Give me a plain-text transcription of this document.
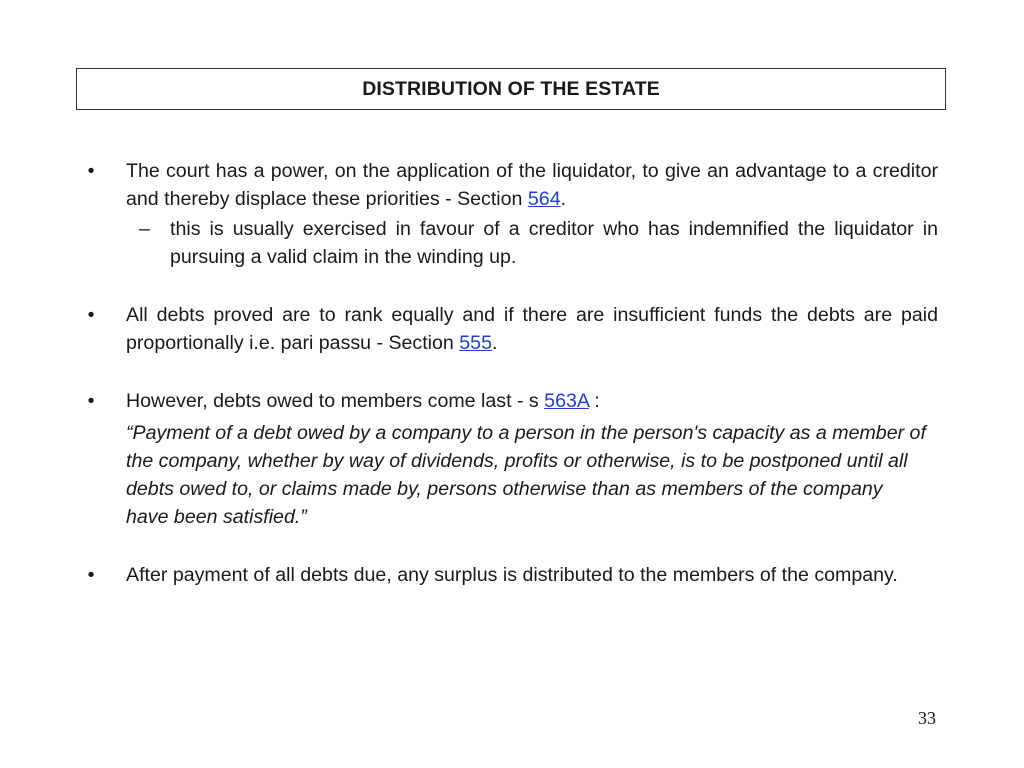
DISTRIBUTION OF THE ESTATE
• The court has a power, on the application of the liquidator, to give an advantage to a creditor and thereby displace these priorities - Section 564.
– this is usually exercised in favour of a creditor who has indemnified the liquidator in pursuing a valid claim in the winding up.
• All debts proved are to rank equally and if there are insufficient funds the debts are paid proportionally i.e. pari passu - Section 555.
• However, debts owed to members come last - s 563A :
“Payment of a debt owed by a company to a person in the person's capacity as a member of the company, whether by way of dividends, profits or otherwise, is to be postponed until all debts owed to, or claims made by, persons otherwise than as members of the company have been satisfied.”
• After payment of all debts due, any surplus is distributed to the members of the company.
33
